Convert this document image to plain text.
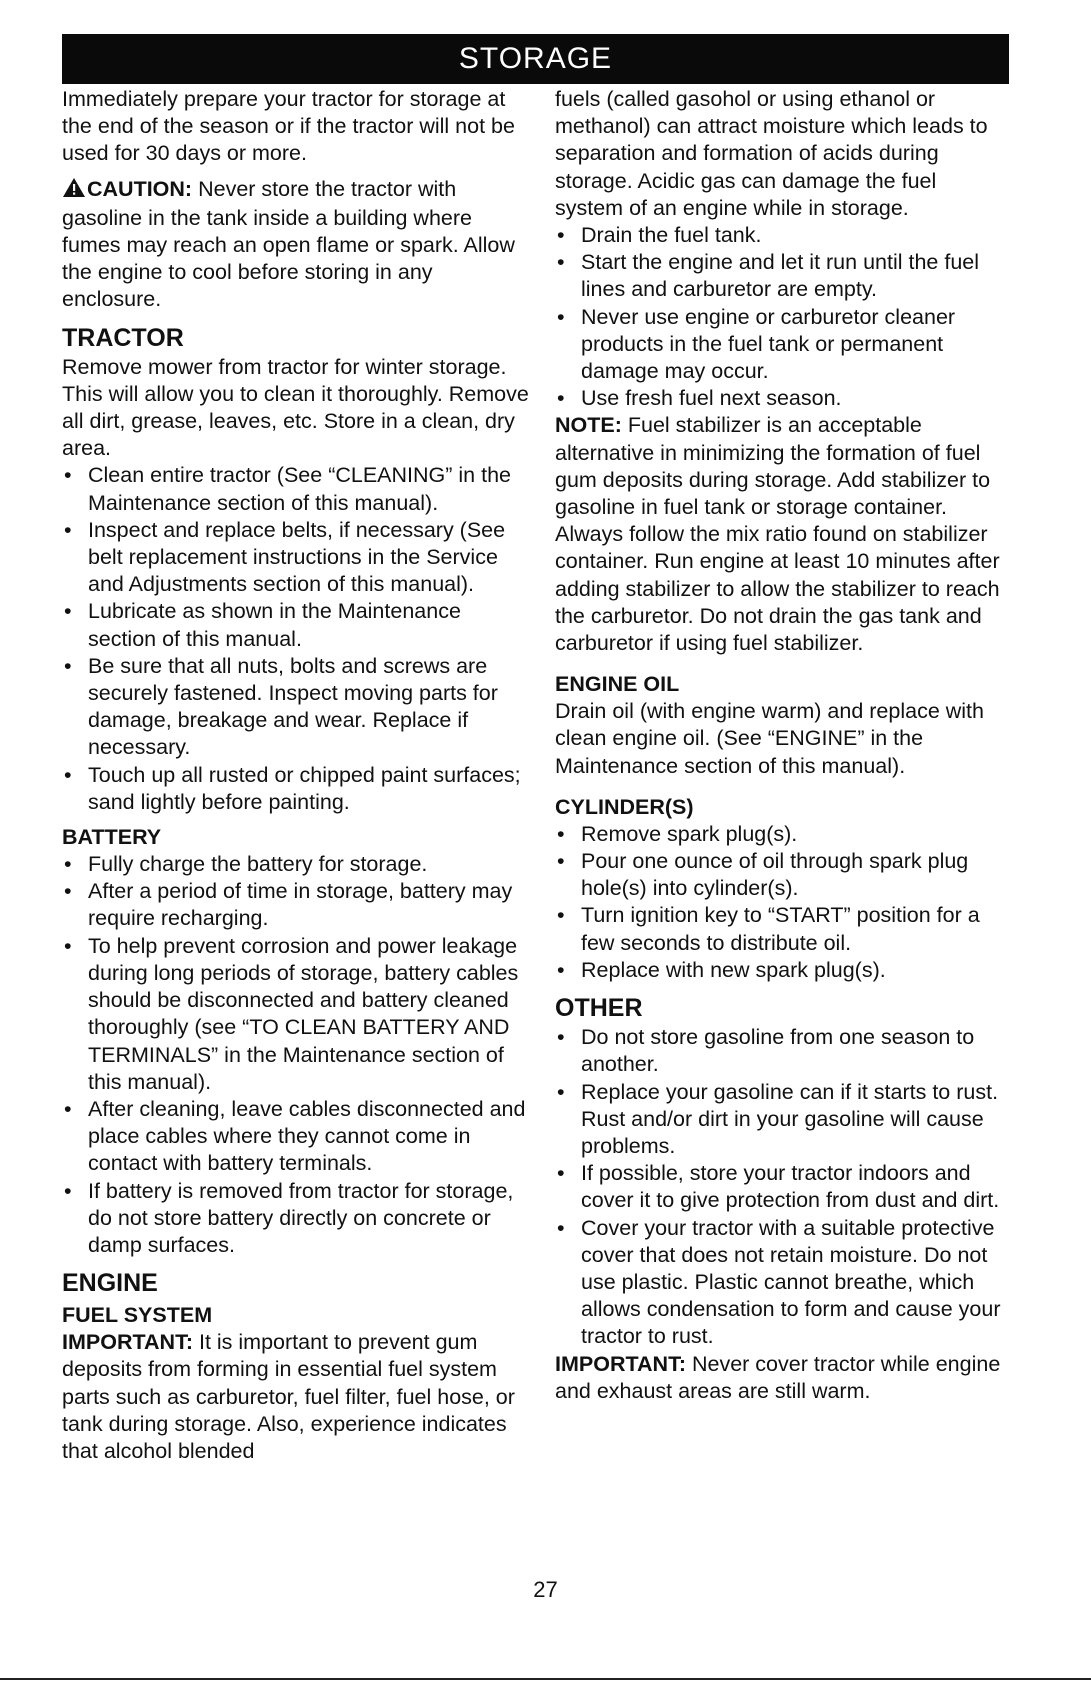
STORAGE

Immediately prepare your tractor for storage at the end of the season or if the tractor will not be used for 30 days or more.

CAUTION: Never store the tractor with gasoline in the tank inside a building where fumes may reach an open flame or spark. Allow the engine to cool before storing in any enclosure.

TRACTOR

Remove mower from tractor for winter storage. This will allow you to clean it thoroughly. Remove all dirt, grease, leaves, etc. Store in a clean, dry area.

• Clean entire tractor (See “CLEANING” in the Maintenance section of this manual).
• Inspect and replace belts, if necessary (See belt replacement instructions in the Service and Adjustments section of this manual).
• Lubricate as shown in the Maintenance section of this manual.
• Be sure that all nuts, bolts and screws are securely fastened. Inspect moving parts for damage, breakage and wear. Replace if necessary.
• Touch up all rusted or chipped paint surfaces; sand lightly before painting.

BATTERY

• Fully charge the battery for storage.
• After a period of time in storage, battery may require recharging.
• To help prevent corrosion and power leakage during long periods of storage, battery cables should be disconnected and battery cleaned thoroughly (see “TO CLEAN BATTERY AND TERMINALS” in the Maintenance section of this manual).
• After cleaning, leave cables disconnected and place cables where they cannot come in contact with battery terminals.
• If battery is removed from tractor for storage, do not store battery directly on concrete or damp surfaces.

ENGINE

FUEL SYSTEM

IMPORTANT: It is important to prevent gum deposits from forming in essential fuel system parts such as carburetor, fuel filter, fuel hose, or tank during storage. Also, experience indicates that alcohol blended

fuels (called gasohol or using ethanol or methanol) can attract moisture which leads to separation and formation of acids during storage. Acidic gas can damage the fuel system of an engine while in storage.

• Drain the fuel tank.
• Start the engine and let it run until the fuel lines and carburetor are empty.
• Never use engine or carburetor cleaner products in the fuel tank or permanent damage may occur.
• Use fresh fuel next season.

NOTE: Fuel stabilizer is an acceptable alternative in minimizing the formation of fuel gum deposits during storage. Add stabilizer to gasoline in fuel tank or storage container. Always follow the mix ratio found on stabilizer container. Run engine at least 10 minutes after adding stabilizer to allow the stabilizer to reach the carburetor. Do not drain the gas tank and carburetor if using fuel stabilizer.

ENGINE OIL

Drain oil (with engine warm) and replace with clean engine oil. (See “ENGINE” in the Maintenance section of this manual).

CYLINDER(S)

• Remove spark plug(s).
• Pour one ounce of oil through spark plug hole(s) into cylinder(s).
• Turn ignition key to “START” position for a few seconds to distribute oil.
• Replace with new spark plug(s).

OTHER

• Do not store gasoline from one season to another.
• Replace your gasoline can if it starts to rust. Rust and/or dirt in your gasoline will cause problems.
• If possible, store your tractor indoors and cover it to give protection from dust and dirt.
• Cover your tractor with a suitable protective cover that does not retain moisture. Do not use plastic. Plastic cannot breathe, which allows condensation to form and cause your tractor to rust.

IMPORTANT: Never cover tractor while engine and exhaust areas are still warm.

27
